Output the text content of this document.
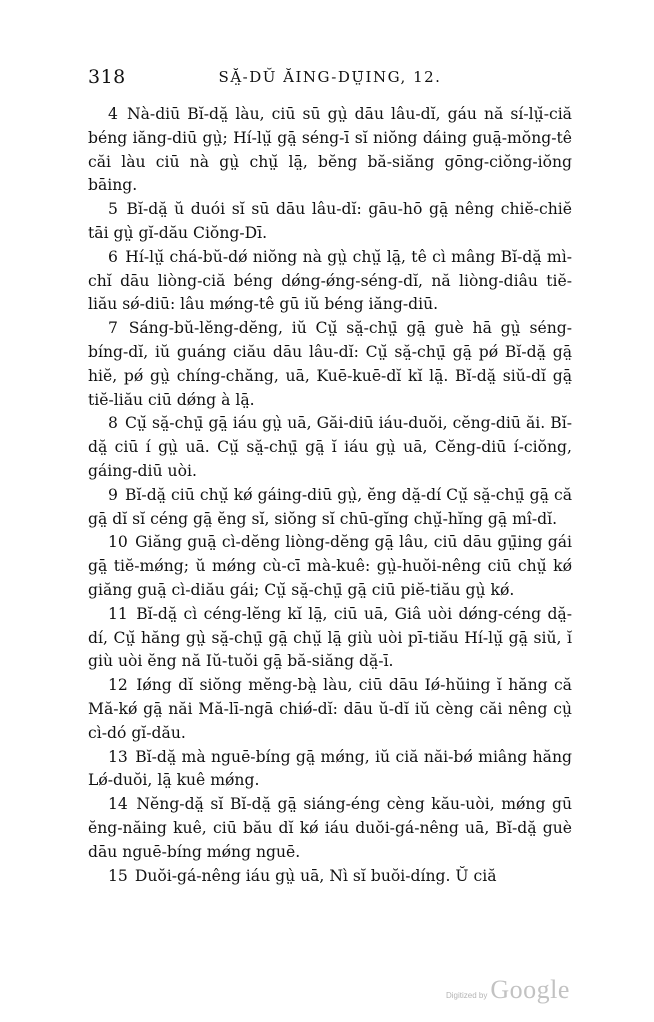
318	SĂ̤-DŬ ĂING-DṲ̄ING, 12.

4 Nà-diū Bĭ-dă̤ làu, ciū sū gṳ̀ dāu lâu-dĭ, gáu nă sí-lṳ̆-ciă béng iăng-diū gṳ̀; Hí-lṳ̆ gā̤ séng-ī sĭ niŏng dáing guā̤-mŏng-tê căi làu ciū nà gṳ̀ chṳ̆ lā̤, bĕng bă-siăng gōng-ciŏng-iŏng bāing.

5 Bĭ-dă̤ ŭ duói sĭ sū dāu lâu-dĭ: gāu-hō gā̤ nêng chiĕ-chiĕ tāi gṳ̀ gĭ-dău Ciŏng-Dī.

6 Hí-lṳ̆ chá-bŭ-dǿ niŏng nà gṳ̀ chṳ̆ lā̤, tê cì mâng Bĭ-dă̤ mì-chĭ dāu liòng-ciă béng dǿng-ǿng-séng-dĭ, nă liòng-diâu tiĕ-liău sǿ-diū: lâu mǿng-tê gū iŭ béng iăng-diū.

7 Sáng-bŭ-lĕng-dĕng, iŭ Cṳ̆ să̤-chṳ̄ gā̤ guè hā gṳ̀ séng-bíng-dĭ, iŭ guáng ciău dāu lâu-dĭ: Cṳ̆ să̤-chṳ̄ gā̤ pǿ Bĭ-dă̤ gā̤ hiĕ, pǿ gṳ̀ chíng-chăng, uā, Kuē-kuē-dĭ kĭ lā̤. Bĭ-dă̤ siŭ-dĭ gā̤ tiĕ-liău ciū dǿng à lā̤.

8 Cṳ̆ să̤-chṳ̄ gā̤ iáu gṳ̀ uā, Găi-diū iáu-duŏi, cĕng-diū ăi. Bĭ-dă̤ ciū í gṳ̀ uā. Cṳ̆ să̤-chṳ̄ gā̤ ĭ iáu gṳ̀ uā, Cĕng-diū í-ciŏng, gáing-diū uòi.

9 Bĭ-dă̤ ciū chṳ̆ kǿ gáing-diū gṳ̀, ĕng dă̤-dí Cṳ̆ să̤-chṳ̄ gā̤ că gā̤ dĭ sĭ céng gā̤ ĕng sĭ, siŏng sĭ chū-gĭng chṳ̆-hĭng gā̤ mî-dĭ.

10 Giăng guā̤ cì-dĕng liòng-dĕng gā̤ lâu, ciū dāu gṳ̄ing gái gā̤ tiĕ-mǿng; ŭ mǿng cù-cī mà-kuê: gṳ̀-huŏi-nêng ciū chṳ̆ kǿ giăng guā̤ cì-diău gái; Cṳ̆ să̤-chṳ̄ gā̤ ciū piĕ-tiău gṳ̀ kǿ.

11 Bĭ-dă̤ cì céng-lĕng kĭ lā̤, ciū uā, Giâ uòi dǿng-céng dă̤-dí, Cṳ̆ hăng gṳ̀ să̤-chṳ̄ gā̤ chṳ̆ lā̤ giù uòi pī-tiău Hí-lṳ̆ gā̤ siŭ, ĭ giù uòi ĕng nă Iŭ-tuŏi gā̤ bă-siăng dă̤-ī.

12 Iǿng dĭ siŏng mĕng-bà̤ làu, ciū dāu Iǿ-hŭing ĭ hăng că Mă-kǿ gā̤ năi Mă-lī-ngā chiǿ-dĭ: dāu ŭ-dĭ iŭ cèng căi nêng cṳ̀ cì-dó gĭ-dău.

13 Bĭ-dă̤ mà nguē-bíng gā̤ mǿng, iŭ ciă năi-bǿ miâng hăng Lǿ-duŏi, lā̤ kuê mǿng.

14 Nĕng-dă̤ sĭ Bĭ-dă̤ gā̤ siáng-éng cèng kău-uòi, mǿng gū ĕng-năing kuê, ciū bău dĭ kǿ iáu duŏi-gá-nêng uā, Bĭ-dă̤ guè dāu nguē-bíng mǿng nguē.

15 Duŏi-gá-nêng iáu gṳ̀ uā, Nì sĭ buŏi-díng. Ŭ ciă

Digitized by Google
